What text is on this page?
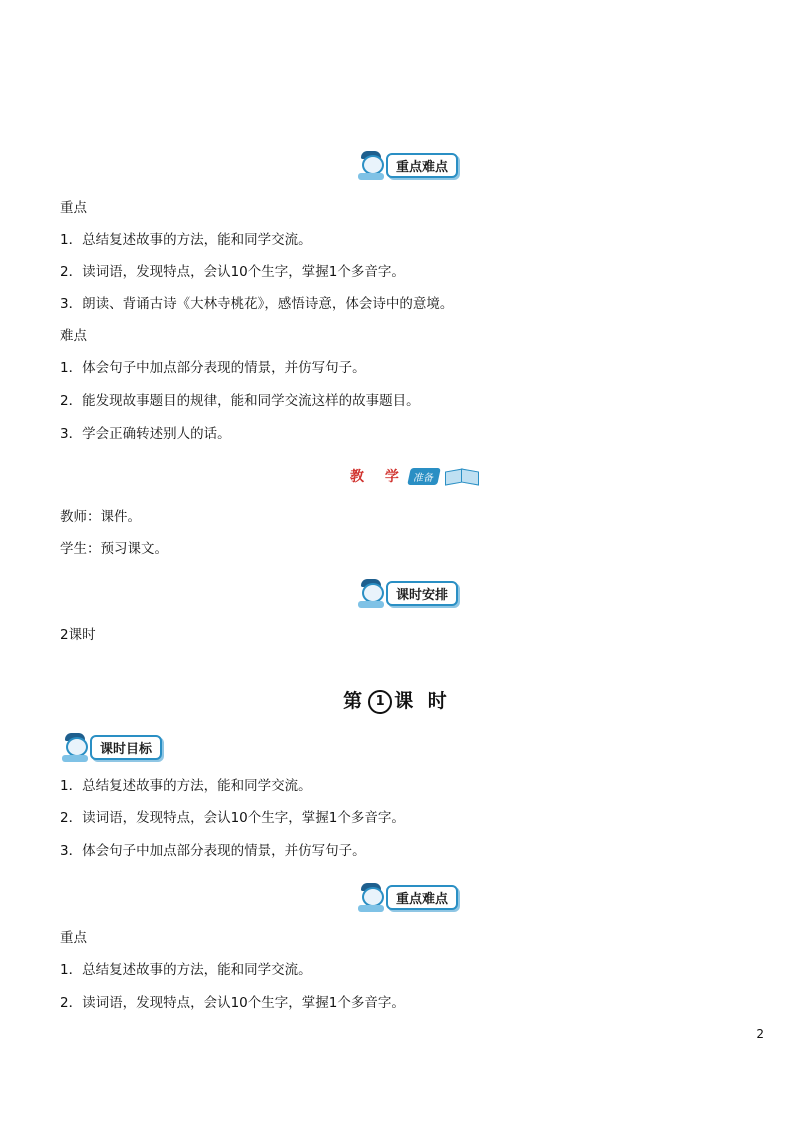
重点难点
重点
1．总结复述故事的方法，能和同学交流。
2．读词语，发现特点，会认10个生字，掌握1个多音字。
3．朗读、背诵古诗《大林寺桃花》，感悟诗意，体会诗中的意境。
难点
1．体会句子中加点部分表现的情景，并仿写句子。
2．能发现故事题目的规律，能和同学交流这样的故事题目。
3．学会正确转述别人的话。
教 学 准备
教师：课件。
学生：预习课文。
课时安排
2课时
第 1 课 时
课时目标
1．总结复述故事的方法，能和同学交流。
2．读词语，发现特点，会认10个生字，掌握1个多音字。
3．体会句子中加点部分表现的情景，并仿写句子。
重点难点
重点
1．总结复述故事的方法，能和同学交流。
2．读词语，发现特点，会认10个生字，掌握1个多音字。
2
